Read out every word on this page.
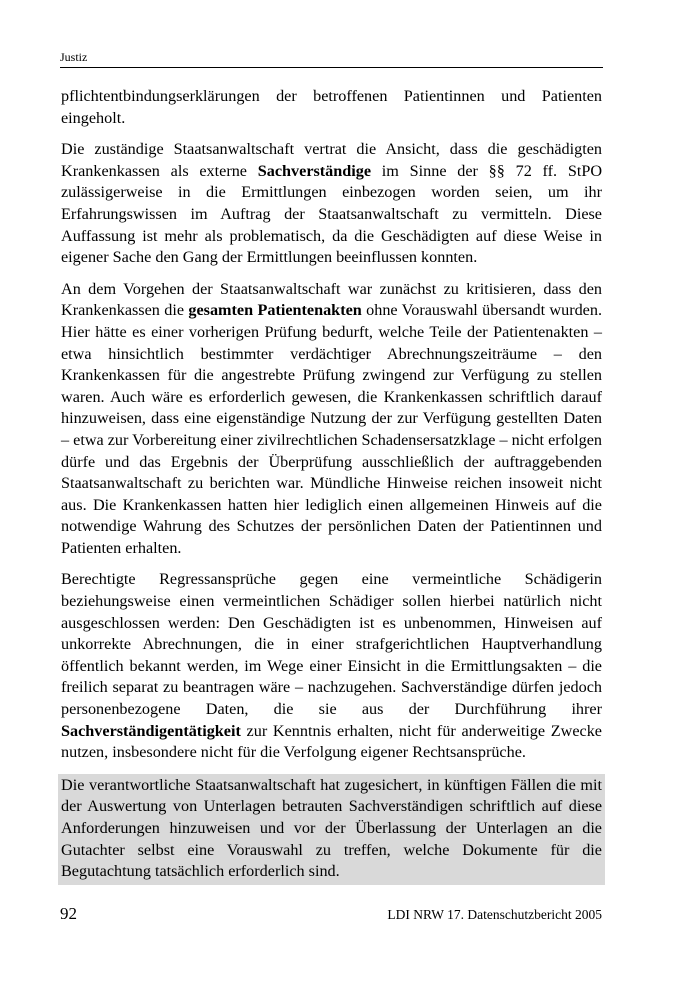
Justiz

pflichtentbindungserklärungen der betroffenen Patientinnen und Patienten eingeholt.

Die zuständige Staatsanwaltschaft vertrat die Ansicht, dass die geschädigten Krankenkassen als externe Sachverständige im Sinne der §§ 72 ff. StPO zulässigerweise in die Ermittlungen einbezogen worden seien, um ihr Erfahrungswissen im Auftrag der Staatsanwaltschaft zu vermitteln. Diese Auffassung ist mehr als problematisch, da die Geschädigten auf diese Weise in eigener Sache den Gang der Ermittlungen beeinflussen konnten.

An dem Vorgehen der Staatsanwaltschaft war zunächst zu kritisieren, dass den Krankenkassen die gesamten Patientenakten ohne Vorauswahl übersandt wurden. Hier hätte es einer vorherigen Prüfung bedurft, welche Teile der Patientenakten – etwa hinsichtlich bestimmter verdächtiger Abrechnungszeiträume – den Krankenkassen für die angestrebte Prüfung zwingend zur Verfügung zu stellen waren. Auch wäre es erforderlich gewesen, die Krankenkassen schriftlich darauf hinzuweisen, dass eine eigenständige Nutzung der zur Verfügung gestellten Daten – etwa zur Vorbereitung einer zivilrechtlichen Schadensersatzklage – nicht erfolgen dürfe und das Ergebnis der Überprüfung ausschließlich der auftraggebenden Staatsanwaltschaft zu berichten war. Mündliche Hinweise reichen insoweit nicht aus. Die Krankenkassen hatten hier lediglich einen allgemeinen Hinweis auf die notwendige Wahrung des Schutzes der persönlichen Daten der Patientinnen und Patienten erhalten.

Berechtigte Regressansprüche gegen eine vermeintliche Schädigerin beziehungsweise einen vermeintlichen Schädiger sollen hierbei natürlich nicht ausgeschlossen werden: Den Geschädigten ist es unbenommen, Hinweisen auf unkorrekte Abrechnungen, die in einer strafgerichtlichen Hauptverhandlung öffentlich bekannt werden, im Wege einer Einsicht in die Ermittlungsakten – die freilich separat zu beantragen wäre – nachzugehen. Sachverständige dürfen jedoch personenbezogene Daten, die sie aus der Durchführung ihrer Sachverständigentätigkeit zur Kenntnis erhalten, nicht für anderweitige Zwecke nutzen, insbesondere nicht für die Verfolgung eigener Rechtsansprüche.

Die verantwortliche Staatsanwaltschaft hat zugesichert, in künftigen Fällen die mit der Auswertung von Unterlagen betrauten Sachverständigen schriftlich auf diese Anforderungen hinzuweisen und vor der Überlassung der Unterlagen an die Gutachter selbst eine Vorauswahl zu treffen, welche Dokumente für die Begutachtung tatsächlich erforderlich sind.

92	LDI NRW 17. Datenschutzbericht 2005
